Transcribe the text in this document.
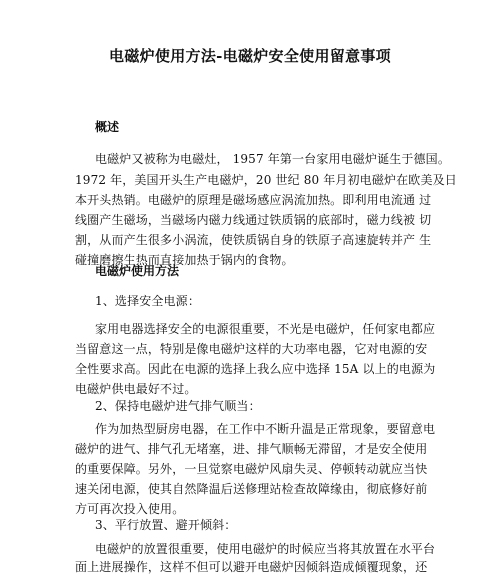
电磁炉使用方法-电磁炉安全使用留意事项
概述
电磁炉又被称为电磁灶， 1957 年第一台家用电磁炉诞生于德国。
1972 年，美国开头生产电磁炉，20 世纪 80 年月初电磁炉在欧美及日
本开头热销。电磁炉的原理是磁场感应涡流加热。即利用电流通 过
线圈产生磁场，当磁场内磁力线通过铁质锅的底部时，磁力线被 切
割，从而产生很多小涡流，使铁质锅自身的铁原子高速旋转并产 生
碰撞磨擦生热而直接加热于锅内的食物。
电磁炉使用方法
1、选择安全电源：
家用电器选择安全的电源很重要，不光是电磁炉，任何家电都应
当留意这一点，特别是像电磁炉这样的大功率电器，它对电源的安
全性要求高。因此在电源的选择上我么应中选择 15A 以上的电源为
电磁炉供电最好不过。
2、保持电磁炉进气排气顺当：
作为加热型厨房电器，在工作中不断升温是正常现象，要留意电
磁炉的进气、排气孔无堵塞，进、排气顺畅无滞留，才是安全使用
的重要保障。另外，一旦觉察电磁炉风扇失灵、停顿转动就应当快
速关闭电源，使其自然降温后送修理站检查故障缘由，彻底修好前
方可再次投入使用。
3、平行放置、避开倾斜：
电磁炉的放置很重要，使用电磁炉的时候应当将其放置在水平台
面上进展操作，这样不但可以避开电磁炉因倾斜造成倾覆现象，还
